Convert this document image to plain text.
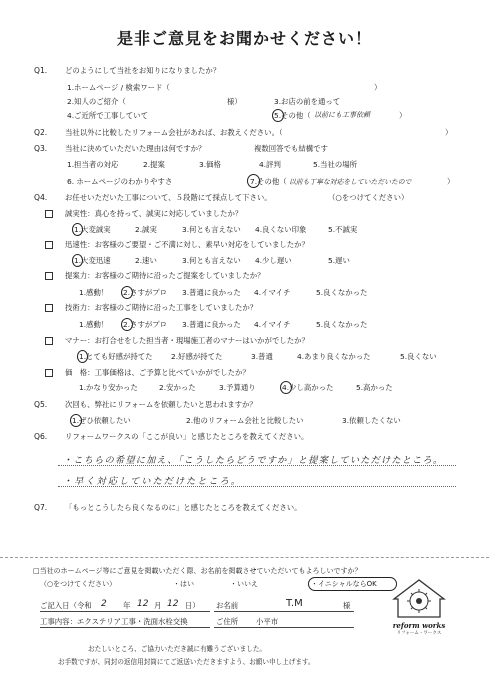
是非ご意見をお聞かせください！
Q1. どのようにして当社をお知りになりましたか？
1.ホームページ / 検索ワード（	）
2.知人のご紹介（	様）	3.お店の前を通って
4.ご近所で工事していて	5.その他（ 以前にも工事依頼	）
Q2. 当社以外に比較したリフォーム会社があれば、お教えください。（	）
Q3. 当社に決めていただいた理由は何ですか？	複数回答でも結構です
1.担当者の対応	2.提案	3.価格	4.評判	5.当社の場所
6. ホームページのわかりやすさ	7.その他（ 以前も丁寧な対応をしていただいたので	）
Q4. お任せいただいた工事について、５段階にて採点して下さい。	（○をつけてください）
誠実性：真心を持って、誠実に対応していましたか？
1.大変誠実	2.誠実	3.何とも言えない 4.良くない印象	5.不誠実
迅速性：お客様のご要望・ご不満に対し、素早い対応をしていましたか？
1.大変迅速	2.速い	3.何とも言えない 4.少し遅い	5.遅い
提案力：お客様のご期待に沿ったご提案をしていましたか？
1.感動！ 2.さすがプロ 3.普通に良かった 4.イマイチ	5.良くなかった
技術力：お客様のご期待に沿った工事をしていましたか？
1.感動！ 2.さすがプロ 3.普通に良かった 4.イマイチ	5.良くなかった
マナー：お打合せをした担当者・現場施工者のマナーはいかがでしたか？
1.とても好感が持てた 2.好感が持てた	3.普通	4.あまり良くなかった	5.良くない
価　格：工事価格は、ご予算と比べていかがでしたか？
1.かなり安かった	2.安かった	3.予算通り	4.少し高かった	5.高かった
Q5. 次回も、弊社にリフォームを依頼したいと思われますか？
1.ぜひ依頼したい	2.他のリフォーム会社と比較したい	3.依頼したくない
Q6. リフォームワークスの「ここが良い」と感じたところを教えてください。
・こちらの希望に加え、「こうしたらどうですか」と提案していただけたところ。
・早く対応していただけたところ。
Q7. 「もっとこうしたら良くなるのに」と感じたところを教えてください。
□当社のホームページ等にご意見を掲載いただく際、お名前を掲載させていただいてもよろしいですか？
（○をつけてください）	・はい	・いいえ	・イニシャルならOK
ご記入日（令和 2 年 12 月 12 日） お名前	T.M	様
工事内容：エクステリア工事・洗面水栓交換	ご住所 小平市
おたしいところ、ご協力いただき誠に有難うございました。
お手数ですが、同封の返信用封筒にてご返送いただきますよう、お願い申し上げます。
reform works
リフォーム・ワークス
